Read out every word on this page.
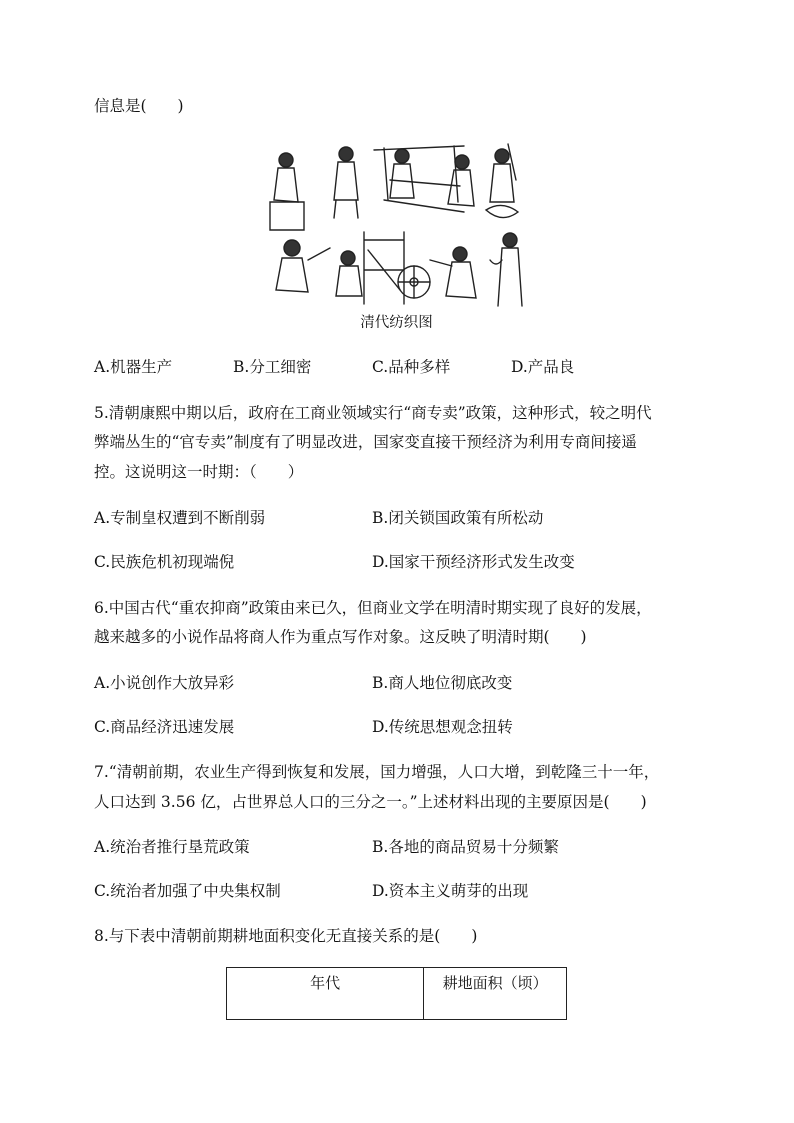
信息是(　　)
清代纺织图
A.机器生产	B.分工细密	C.品种多样	D.产品良
5.清朝康熙中期以后，政府在工商业领域实行“商专卖”政策，这种形式，较之明代
弊端丛生的“官专卖”制度有了明显改进，国家变直接干预经济为利用专商间接遥
控。这说明这一时期：（　　）
A.专制皇权遭到不断削弱	B.闭关锁国政策有所松动
C.民族危机初现端倪	D.国家干预经济形式发生改变
6.中国古代“重农抑商”政策由来已久，但商业文学在明清时期实现了良好的发展，
越来越多的小说作品将商人作为重点写作对象。这反映了明清时期(　　)
A.小说创作大放异彩	B.商人地位彻底改变
C.商品经济迅速发展	D.传统思想观念扭转
7.“清朝前期，农业生产得到恢复和发展，国力增强，人口大增，到乾隆三十一年，
人口达到 3.56 亿，占世界总人口的三分之一。”上述材料出现的主要原因是(　　)
A.统治者推行垦荒政策	B.各地的商品贸易十分频繁
C.统治者加强了中央集权制	D.资本主义萌芽的出现
8.与下表中清朝前期耕地面积变化无直接关系的是(　　)
年代	耕地面积（顷）
